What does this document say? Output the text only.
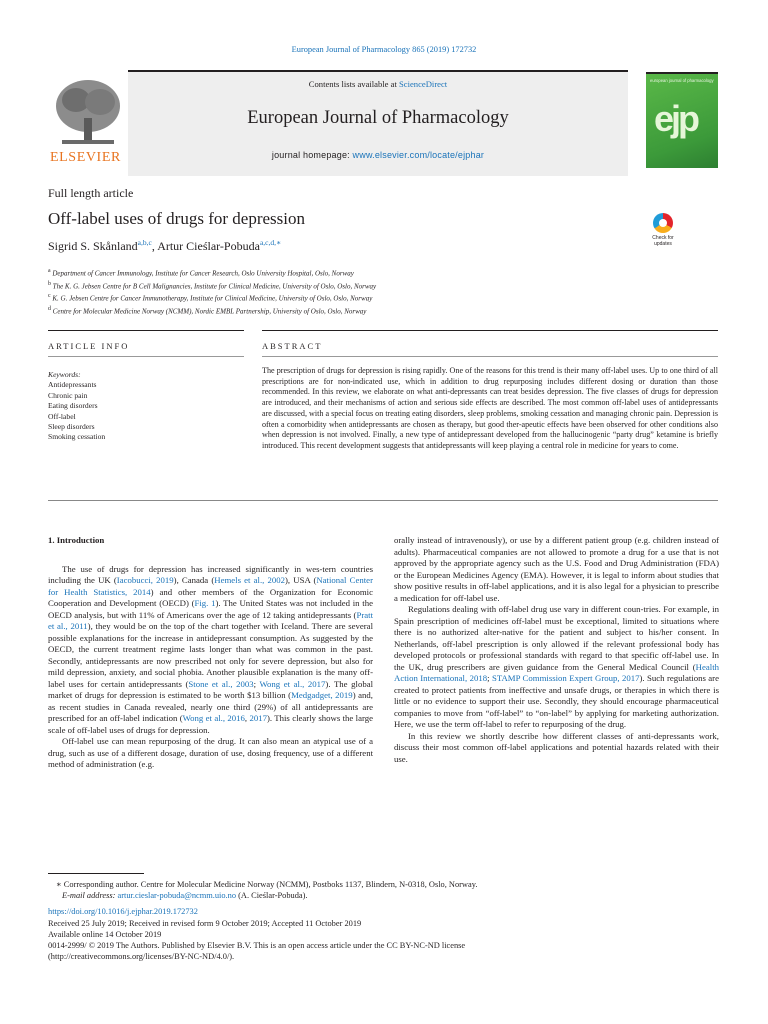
European Journal of Pharmacology 865 (2019) 172732
ELSEVIER
Contents lists available at ScienceDirect
European Journal of Pharmacology
journal homepage: www.elsevier.com/locate/ejphar
european journal of pharmacology
ejp
Full length article
Off-label uses of drugs for depression
Sigrid S. Skånland$^{a,b,c}$, Artur Cieślar-Pobuda$^{a,c,d,∗}$	Check for updates
$^a$ Department of Cancer Immunology, Institute for Cancer Research, Oslo University Hospital, Oslo, Norway
$^b$ The K. G. Jebsen Centre for B Cell Malignancies, Institute for Clinical Medicine, University of Oslo, Oslo, Norway
$^c$ K. G. Jebsen Centre for Cancer Immunotherapy, Institute for Clinical Medicine, University of Oslo, Oslo, Norway
$^d$ Centre for Molecular Medicine Norway (NCMM), Nordic EMBL Partnership, University of Oslo, Oslo, Norway
ARTICLE INFO	ABSTRACT
Keywords:
Antidepressants
Chronic pain
Eating disorders
Off-label
Sleep disorders
Smoking cessation
The prescription of drugs for depression is rising rapidly. One of the reasons for this trend is their many off-label uses. Up to one third of all prescriptions are for non-indicated use, which in addition to drug repurposing includes different dosing or duration than those recommended. In this review, we elaborate on what anti-depressants can treat besides depression. The five classes of drugs for depression are introduced, and their mechanisms of action and serious side effects are described. The most common off-label uses of antidepressants are discussed, with a special focus on treating eating disorders, sleep problems, smoking cessation and managing chronic pain. Depression is often a comorbidity when antidepressants are chosen as therapy, but good ther-apeutic effects have been observed for other conditions also when depression is not involved. Finally, a new type of antidepressant developed from the hallucinogenic “party drug” ketamine is briefly introduced. This recent development suggests that antidepressants will keep playing a central role in medicine for years to come.
1. Introduction

The use of drugs for depression has increased significantly in wes-tern countries including the UK (Iacobucci, 2019), Canada (Hemels et al., 2002), USA (National Center for Health Statistics, 2014) and other members of the Organization for Economic Cooperation and Development (OECD) (Fig. 1). The United States was not included in the OECD analysis, but with 11% of Americans over the age of 12 taking antidepressants (Pratt et al., 2011), they would be on the top of the chart together with Iceland. There are several possible explanations for the increase in antidepressant consumption. As suggested by the OECD, the current treatment regime lasts longer than what was common in the past. Secondly, antidepressants are now prescribed not only for severe depression, but also for mild depression, anxiety, and social phobia. Another plausible explanation is the many off-label uses for certain antidepressants (Stone et al., 2003; Wong et al., 2017). The global market of drugs for depression is estimated to be worth $13 billion (Medgadget, 2019) and, as recent studies in Canada revealed, nearly one third (29%) of all antidepressants are prescribed for an off-label indication (Wong et al., 2016, 2017). This clearly shows the large scale of off-label uses of drugs for depression.

Off-label use can mean repurposing of the drug. It can also mean an atypical use of a drug, such as use of a different dosage, duration of use, dosing frequency, use of a different method of administration (e.g.

orally instead of intravenously), or use by a different patient group (e.g. children instead of adults). Pharmaceutical companies are not allowed to promote a drug for a use that is not approved by the appropriate agency such as the U.S. Food and Drug Administration (FDA) or the European Medicines Agency (EMA). However, it is legal to inform about studies that show positive results in off-label applications, and it is also legal for a physician to prescribe a medication for off-label use.

Regulations dealing with off-label drug use vary in different coun-tries. For example, in Spain prescription of medicines off-label must be exceptional, limited to situations where there is no authorized alter-native for the patient and subject to his/her consent. In Netherlands, off-label prescription is only allowed if the relevant professional body has developed protocols or professional standards with regard to that specific off-label use. In the UK, drug prescribers are given guidance from the General Medical Council (Health Action International, 2018; STAMP Commission Expert Group, 2017). Such regulations are created to protect patients from ineffective and unsafe drugs, or therapies in which there is little or no evidence to support their use. Secondly, they should encourage pharmaceutical companies to move from “off-label” to “on-label” by applying for marketing authorization. Here, we use the term off-label to refer to repurposing of the drug.

In this review we shortly describe how different classes of anti-depressants work, discuss their most common off-label applications and potential hazards related with their use.

∗ Corresponding author. Centre for Molecular Medicine Norway (NCMM), Postboks 1137, Blindern, N-0318, Oslo, Norway.

E-mail address: artur.cieslar-pobuda@ncmm.uio.no (A. Cieślar-Pobuda).

https://doi.org/10.1016/j.ejphar.2019.172732

Received 25 July 2019; Received in revised form 9 October 2019; Accepted 11 October 2019

Available online 14 October 2019

0014-2999/ © 2019 The Authors. Published by Elsevier B.V. This is an open access article under the CC BY-NC-ND license

(http://creativecommons.org/licenses/BY-NC-ND/4.0/).
